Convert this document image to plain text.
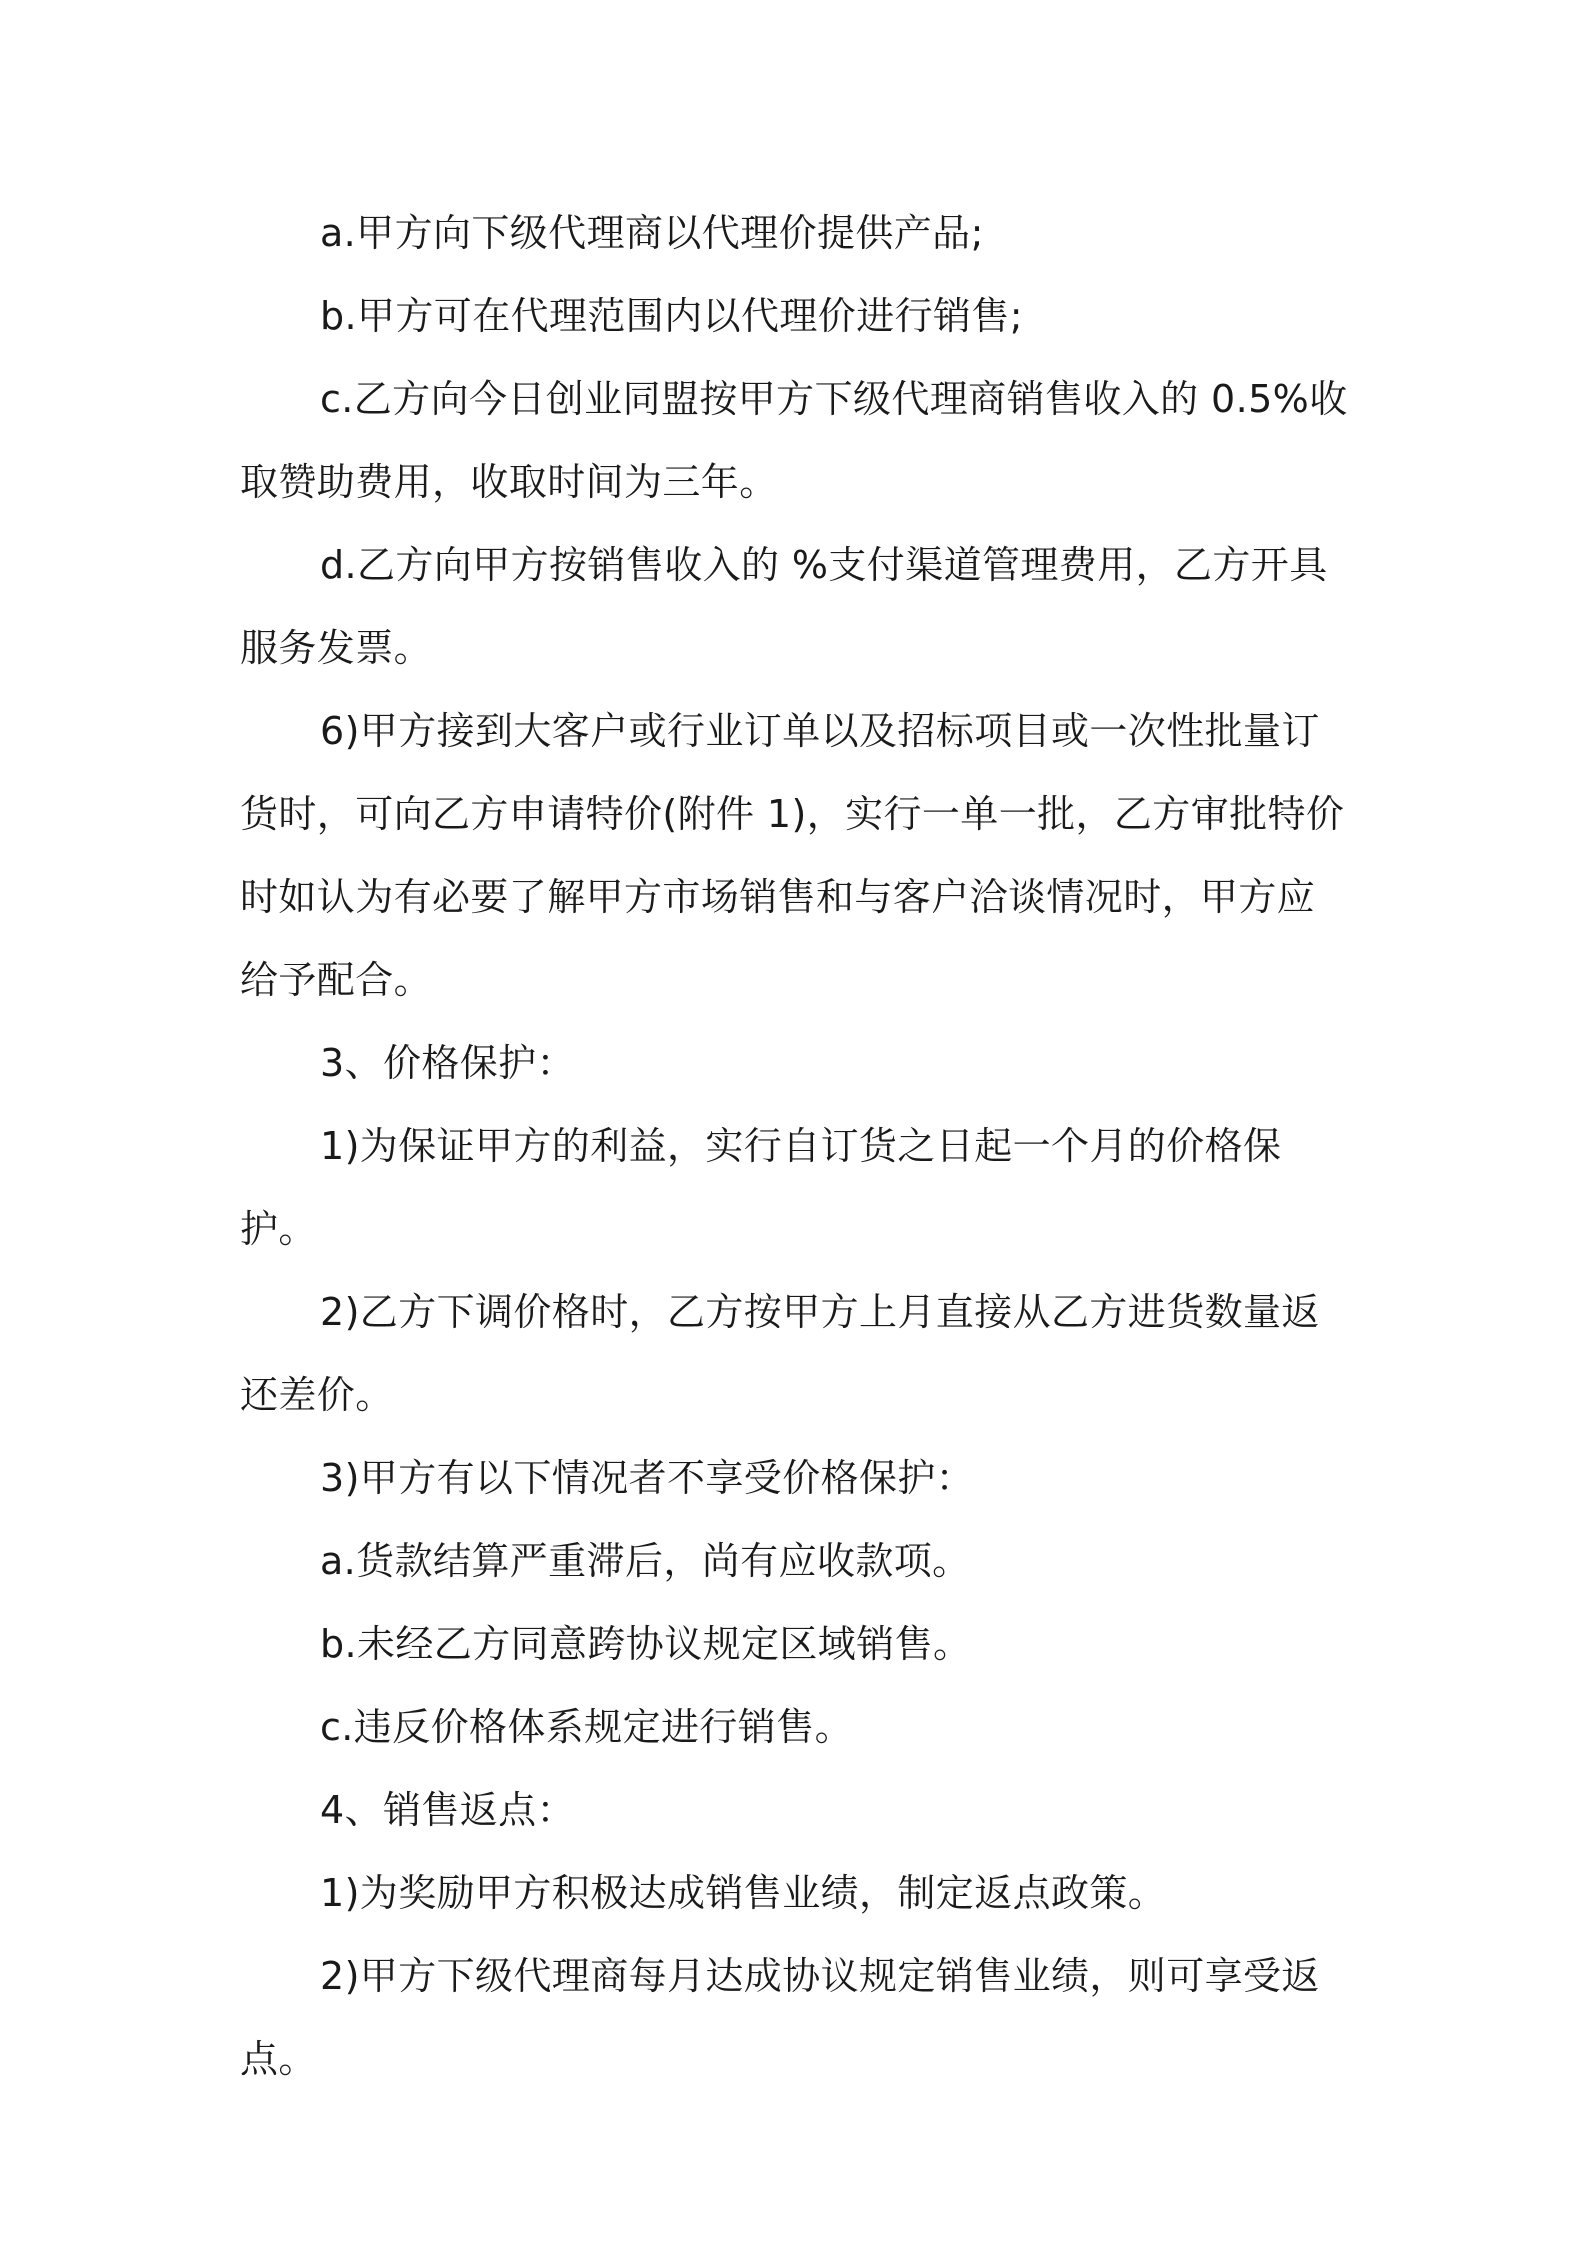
a.甲方向下级代理商以代理价提供产品;

b.甲方可在代理范围内以代理价进行销售;

c.乙方向今日创业同盟按甲方下级代理商销售收入的 0.5%收取赞助费用，收取时间为三年。

d.乙方向甲方按销售收入的 %支付渠道管理费用，乙方开具服务发票。

6)甲方接到大客户或行业订单以及招标项目或一次性批量订货时，可向乙方申请特价(附件 1)，实行一单一批，乙方审批特价时如认为有必要了解甲方市场销售和与客户洽谈情况时，甲方应给予配合。

3、价格保护：

1)为保证甲方的利益，实行自订货之日起一个月的价格保护。

2)乙方下调价格时，乙方按甲方上月直接从乙方进货数量返还差价。

3)甲方有以下情况者不享受价格保护：

a.货款结算严重滞后，尚有应收款项。

b.未经乙方同意跨协议规定区域销售。

c.违反价格体系规定进行销售。

4、销售返点：

1)为奖励甲方积极达成销售业绩，制定返点政策。

2)甲方下级代理商每月达成协议规定销售业绩，则可享受返点。
